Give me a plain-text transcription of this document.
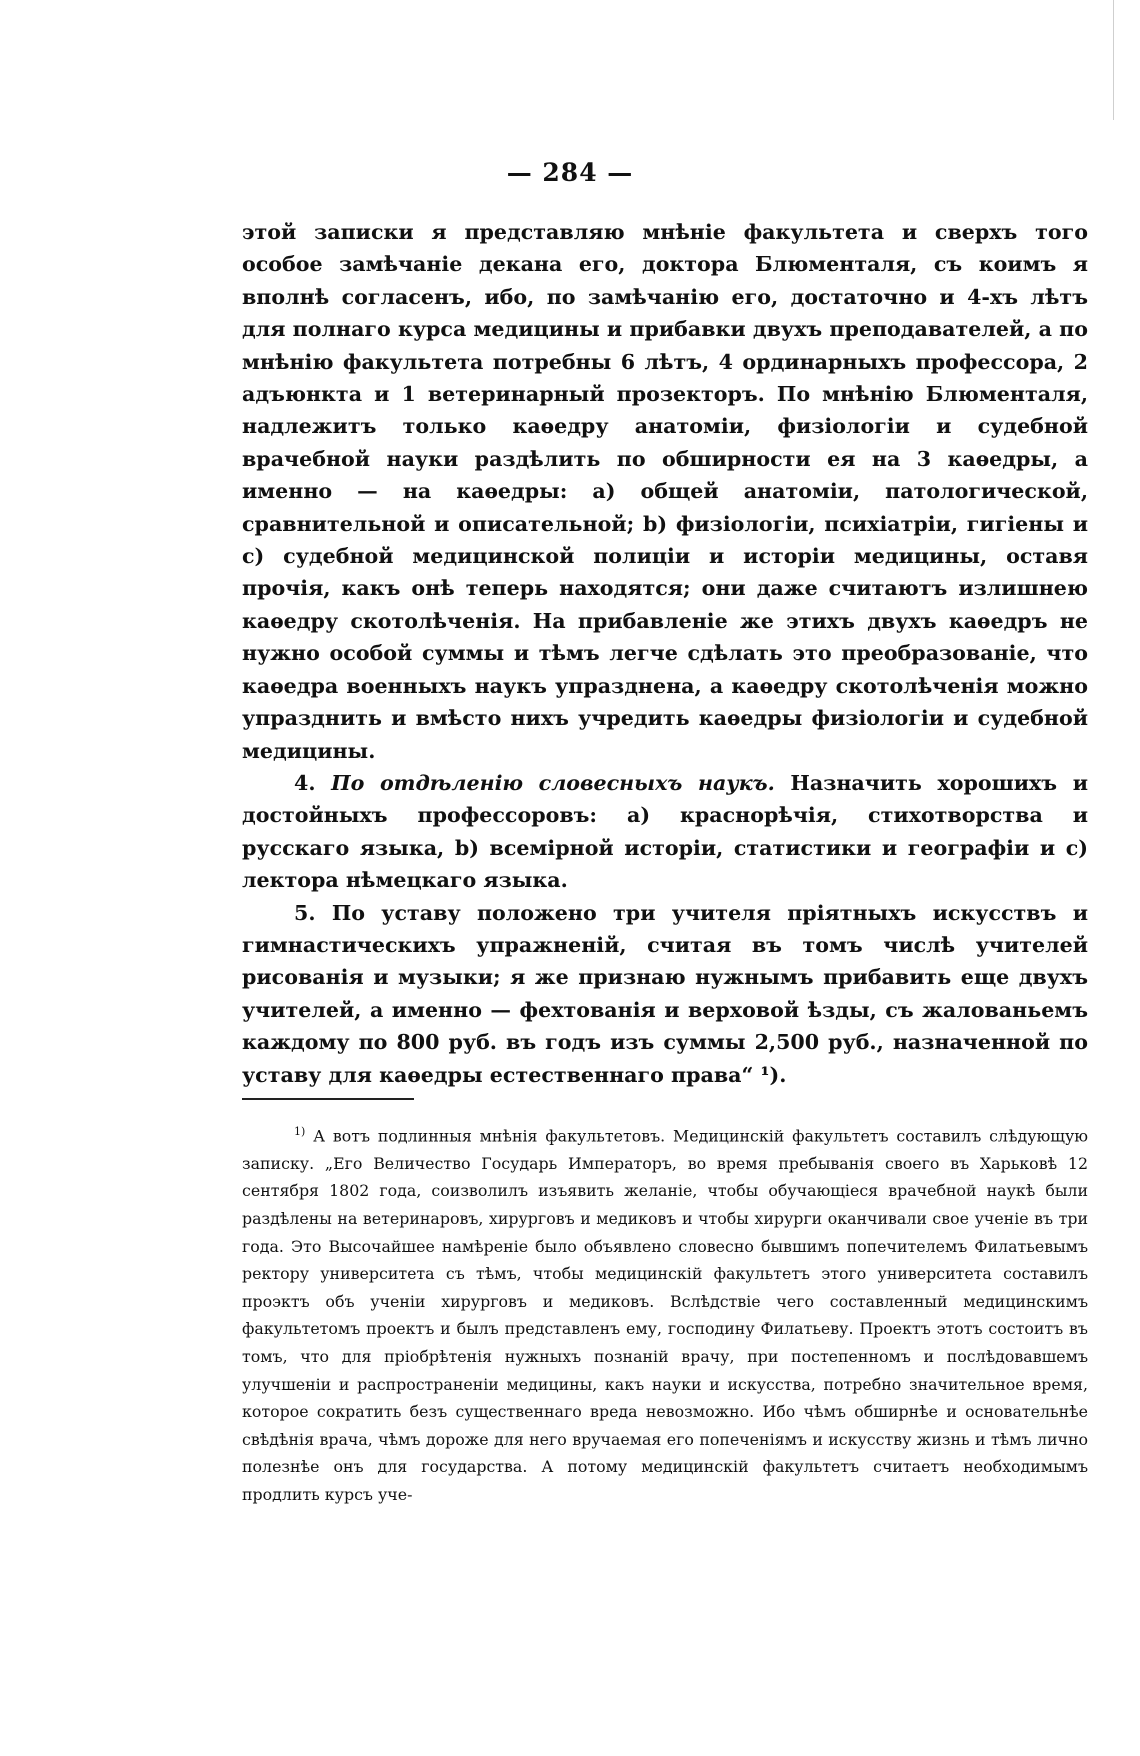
— 284 —

этой записки я представляю мнѣніе факультета и сверхъ того особое замѣчаніе декана его, доктора Блюменталя, съ коимъ я вполнѣ согласенъ, ибо, по замѣчанію его, достаточно и 4-хъ лѣтъ для полнаго курса медицины и прибавки двухъ преподавателей, а по мнѣнію факультета потребны 6 лѣтъ, 4 ординарныхъ профессора, 2 адъюнкта и 1 ветеринарный прозекторъ. По мнѣнію Блюменталя, надлежитъ только каѳедру анатоміи, физіологіи и судебной врачебной науки раздѣлить по обширности ея на 3 каѳедры, а именно — на каѳедры: a) общей анатоміи, патологической, сравнительной и описательной; b) физіологіи, психіатріи, гигіены и c) судебной медицинской полиціи и исторіи медицины, оставя прочія, какъ онѣ теперь находятся; они даже считаютъ излишнею каѳедру скотолѣченія. На прибавленіе же этихъ двухъ каѳедръ не нужно особой суммы и тѣмъ легче сдѣлать это преобразованіе, что каѳедра военныхъ наукъ упразднена, а каѳедру скотолѣченія можно упразднить и вмѣсто нихъ учредить каѳедры физіологіи и судебной медицины.

4. По отдѣленію словесныхъ наукъ. Назначить хорошихъ и достойныхъ профессоровъ: a) краснорѣчія, стихотворства и русскаго языка, b) всемірной исторіи, статистики и географіи и c) лектора нѣмецкаго языка.

5. По уставу положено три учителя пріятныхъ искусствъ и гимнастическихъ упражненій, считая въ томъ числѣ учителей рисованія и музыки; я же признаю нужнымъ прибавить еще двухъ учителей, а именно — фехтованія и верховой ѣзды, съ жалованьемъ каждому по 800 руб. въ годъ изъ суммы 2,500 руб., назначенной по уставу для каѳедры естественнаго права“ ¹).

$^{1)}$ А вотъ подлинныя мнѣнія факультетовъ. Медицинскій факультетъ составилъ слѣдующую записку. „Его Величество Государь Императоръ, во время пребыванія своего въ Харьковѣ 12 сентября 1802 года, соизволилъ изъявить желаніе, чтобы обучающіеся врачебной наукѣ были раздѣлены на ветеринаровъ, хирурговъ и медиковъ и чтобы хирурги оканчивали свое ученіе въ три года. Это Высочайшее намѣреніе было объявлено словесно бывшимъ попечителемъ Филатьевымъ ректору университета съ тѣмъ, чтобы медицинскій факультетъ этого университета составилъ проэктъ объ ученіи хирурговъ и медиковъ. Вслѣдствіе чего составленный медицинскимъ факультетомъ проектъ и былъ представленъ ему, господину Филатьеву. Проектъ этотъ состоитъ въ томъ, что для пріобрѣтенія нужныхъ познаній врачу, при постепенномъ и послѣдовавшемъ улучшеніи и распространеніи медицины, какъ науки и искусства, потребно значительное время, которое сократить безъ существеннаго вреда невозможно. Ибо чѣмъ обширнѣе и основательнѣе свѣдѣнія врача, чѣмъ дороже для него вручаемая его попеченіямъ и искусству жизнь и тѣмъ лично полезнѣе онъ для государства. А потому медицинскій факультетъ считаетъ необходимымъ продлить курсъ уче-
